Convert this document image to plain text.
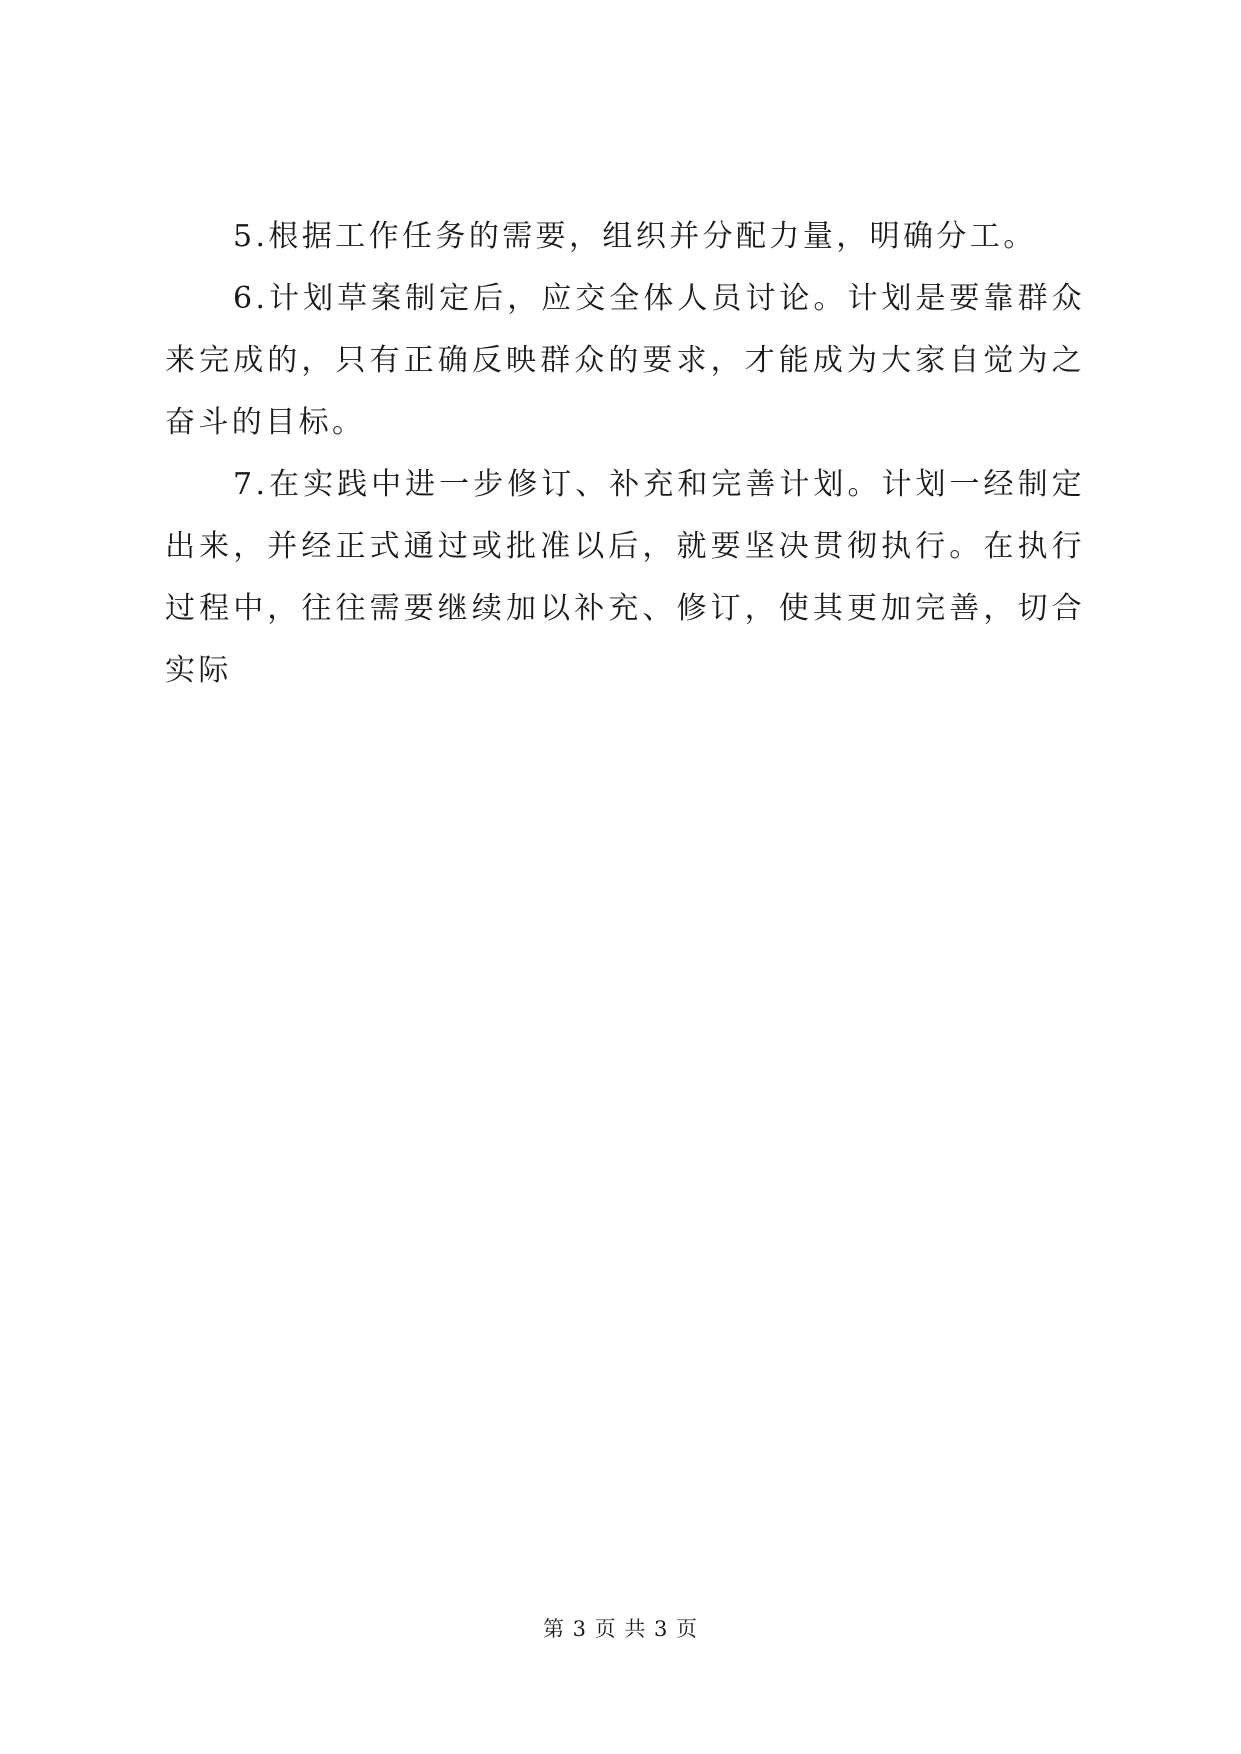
5.根据工作任务的需要，组织并分配力量，明确分工。

6.计划草案制定后，应交全体人员讨论。计划是要靠群众来完成的，只有正确反映群众的要求，才能成为大家自觉为之奋斗的目标。

7.在实践中进一步修订、补充和完善计划。计划一经制定出来，并经正式通过或批准以后，就要坚决贯彻执行。在执行过程中，往往需要继续加以补充、修订，使其更加完善，切合实际

第 3 页 共 3 页
